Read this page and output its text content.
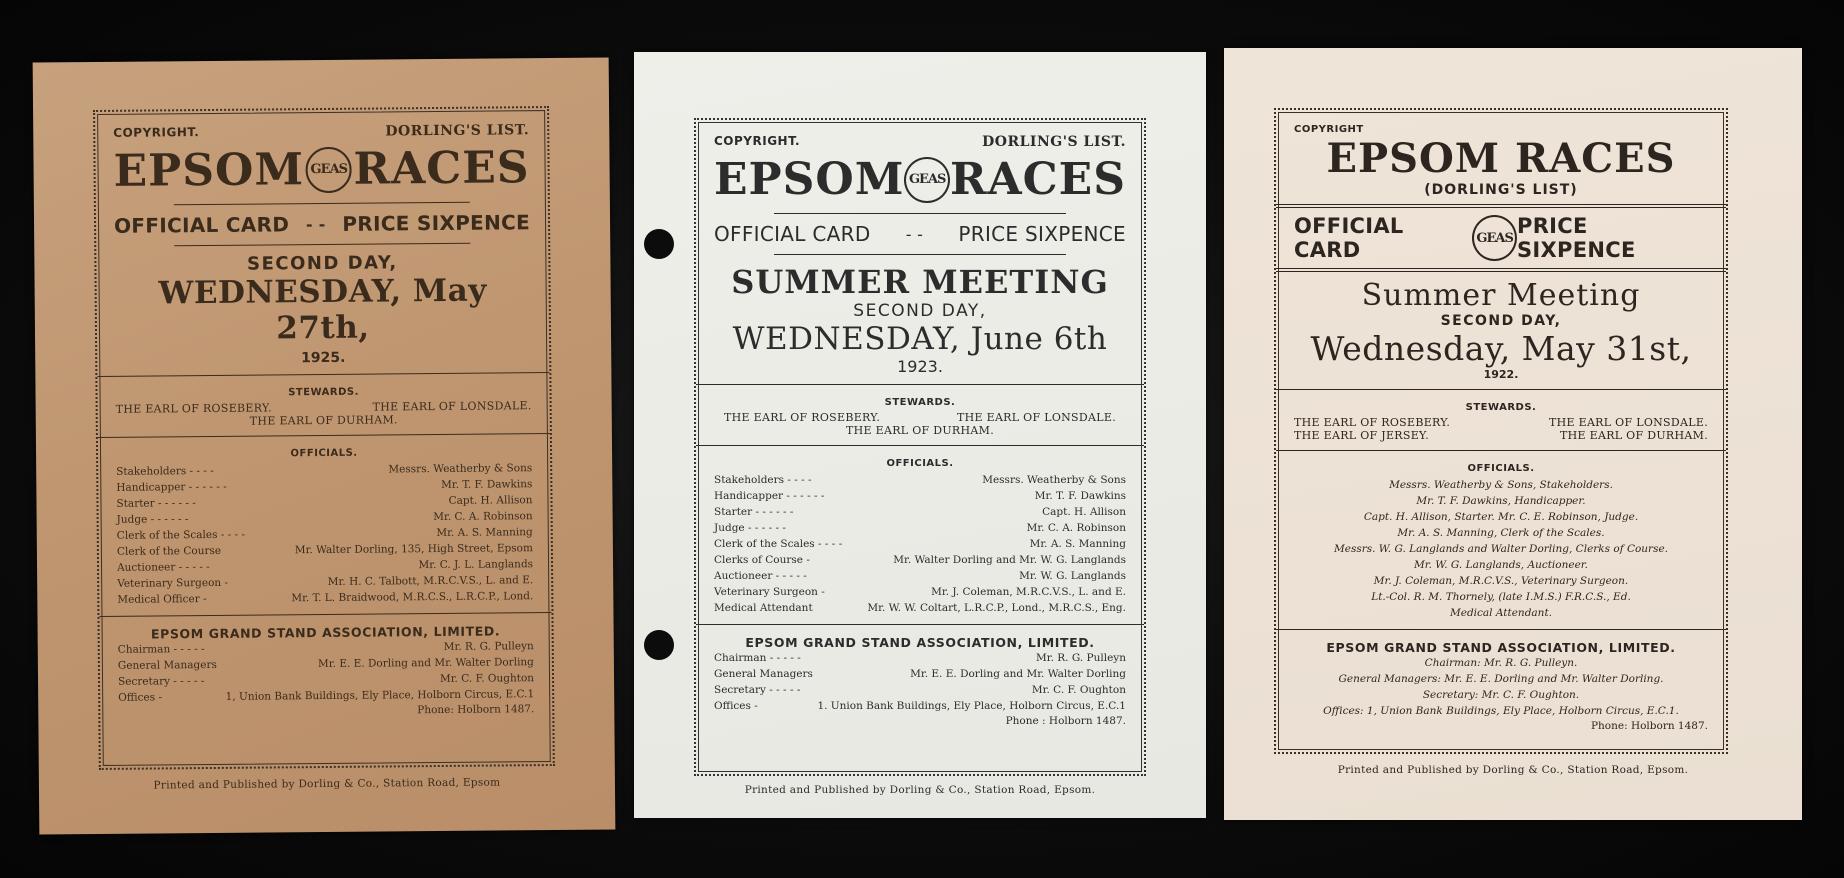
COPYRIGHT.	DORLING'S LIST.
EPSOM GEAS RACES
OFFICIAL CARD - - PRICE SIXPENCE
SECOND DAY,
WEDNESDAY, May 27th,
1925.
STEWARDS.
THE EARL OF ROSEBERY.	THE EARL OF LONSDALE.
THE EARL OF DURHAM.
OFFICIALS.
Stakeholders - - - -	Messrs. Weatherby & Sons
Handicapper - - - - - -	Mr. T. F. Dawkins
Starter - - - - - -	Capt. H. Allison
Judge - - - - - -	Mr. C. A. Robinson
Clerk of the Scales - - - -	Mr. A. S. Manning
Clerk of the Course	Mr. Walter Dorling, 135, High Street, Epsom
Auctioneer - - - - -	Mr. C. J. L. Langlands
Veterinary Surgeon -	Mr. H. C. Talbott, M.R.C.V.S., L. and E.
Medical Officer -	Mr. T. L. Braidwood, M.R.C.S., L.R.C.P., Lond.
EPSOM GRAND STAND ASSOCIATION, LIMITED.
Chairman - - - - -	Mr. R. G. Pulleyn
General Managers	Mr. E. E. Dorling and Mr. Walter Dorling
Secretary - - - - -	Mr. C. F. Oughton
Offices -	1, Union Bank Buildings, Ely Place, Holborn Circus, E.C.1
Phone: Holborn 1487.
Printed and Published by Dorling & Co., Station Road, Epsom
COPYRIGHT.	DORLING'S LIST.
EPSOM GEAS RACES
OFFICIAL CARD - - PRICE SIXPENCE
SUMMER MEETING
SECOND DAY,
WEDNESDAY, June 6th
1923.
STEWARDS.
THE EARL OF ROSEBERY.	THE EARL OF LONSDALE.
THE EARL OF DURHAM.
OFFICIALS.
Stakeholders - - - -	Messrs. Weatherby & Sons
Handicapper - - - - - -	Mr. T. F. Dawkins
Starter - - - - - -	Capt. H. Allison
Judge - - - - - -	Mr. C. A. Robinson
Clerk of the Scales - - - -	Mr. A. S. Manning
Clerks of Course -	Mr. Walter Dorling and Mr. W. G. Langlands
Auctioneer - - - - -	Mr. W. G. Langlands
Veterinary Surgeon -	Mr. J. Coleman, M.R.C.V.S., L. and E.
Medical Attendant	Mr. W. W. Coltart, L.R.C.P., Lond., M.R.C.S., Eng.
EPSOM GRAND STAND ASSOCIATION, LIMITED.
Chairman - - - - -	Mr. R. G. Pulleyn
General Managers	Mr. E. E. Dorling and Mr. Walter Dorling
Secretary - - - - -	Mr. C. F. Oughton
Offices -	1. Union Bank Buildings, Ely Place, Holborn Circus, E.C.1
Phone : Holborn 1487.
Printed and Published by Dorling & Co., Station Road, Epsom.
COPYRIGHT
EPSOM RACES
(DORLING'S LIST)
OFFICIAL CARD	GEAS PRICE SIXPENCE
Summer Meeting
SECOND DAY,
Wednesday, May 31st,
1922.
STEWARDS.
THE EARL OF ROSEBERY.	THE EARL OF LONSDALE.
THE EARL OF JERSEY.	THE EARL OF DURHAM.
OFFICIALS.
Messrs. Weatherby & Sons, Stakeholders.
Mr. T. F. Dawkins, Handicapper.
Capt. H. Allison, Starter. Mr. C. E. Robinson, Judge.
Mr. A. S. Manning, Clerk of the Scales.
Messrs. W. G. Langlands and Walter Dorling, Clerks of Course.
Mr. W. G. Langlands, Auctioneer.
Mr. J. Coleman, M.R.C.V.S., Veterinary Surgeon.
Lt.-Col. R. M. Thornely, (late I.M.S.) F.R.C.S., Ed.
Medical Attendant.
EPSOM GRAND STAND ASSOCIATION, LIMITED.
Chairman: Mr. R. G. Pulleyn.
General Managers: Mr. E. E. Dorling and Mr. Walter Dorling.
Secretary: Mr. C. F. Oughton.
Offices: 1, Union Bank Buildings, Ely Place, Holborn Circus, E.C.1.
Phone: Holborn 1487.
Printed and Published by Dorling & Co., Station Road, Epsom.
